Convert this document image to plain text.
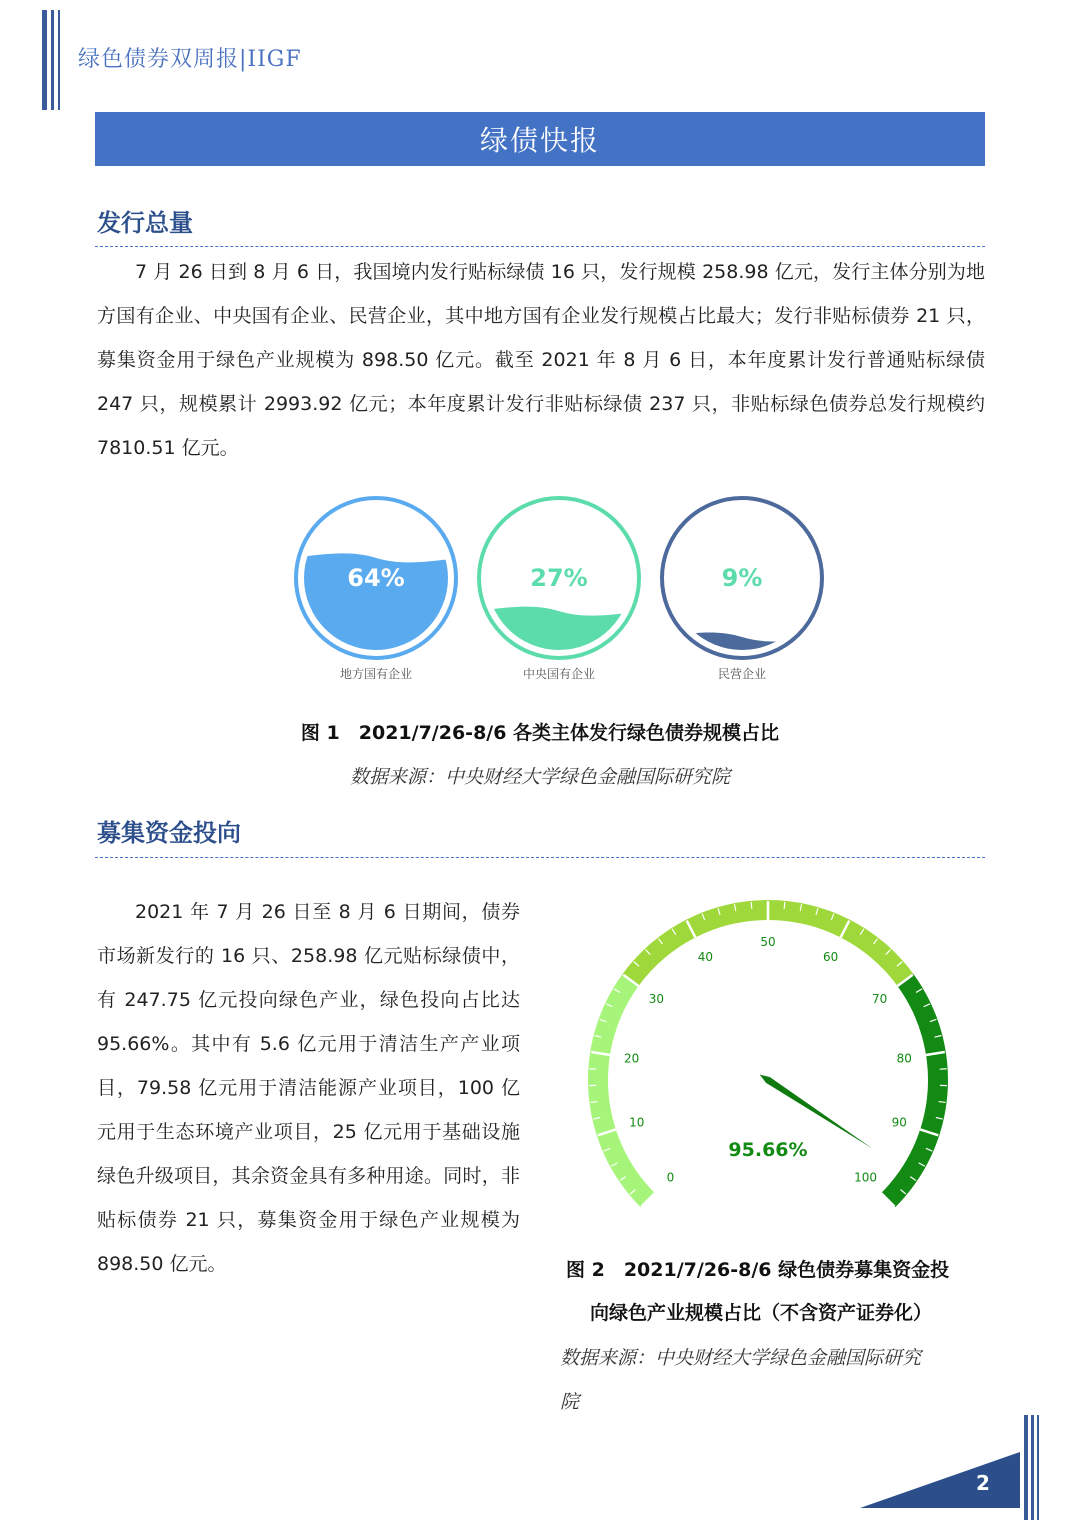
绿色债券双周报|IIGF
绿债快报
发行总量
7 月 26 日到 8 月 6 日，我国境内发行贴标绿债 16 只，发行规模 258.98 亿元，发行主体分别为地方国有企业、中央国有企业、民营企业，其中地方国有企业发行规模占比最大；发行非贴标债券 21 只，募集资金用于绿色产业规模为 898.50 亿元。截至 2021 年 8 月 6 日，本年度累计发行普通贴标绿债 247 只，规模累计 2993.92 亿元；本年度累计发行非贴标绿债 237 只，非贴标绿色债券总发行规模约 7810.51 亿元。
64%
地方国有企业
27%
中央国有企业
9%
民营企业
图 1　2021/7/26-8/6 各类主体发行绿色债券规模占比
数据来源：中央财经大学绿色金融国际研究院
募集资金投向
2021 年 7 月 26 日至 8 月 6 日期间，债券市场新发行的 16 只、258.98 亿元贴标绿债中，有 247.75 亿元投向绿色产业，绿色投向占比达 95.66%。其中有 5.6 亿元用于清洁生产产业项目，79.58 亿元用于清洁能源产业项目，100 亿元用于生态环境产业项目，25 亿元用于基础设施绿色升级项目，其余资金具有多种用途。同时，非贴标债券 21 只，募集资金用于绿色产业规模为 898.50 亿元。
0
10
20
30
40
50
60
70
80
90
100
95.66%
图 2　2021/7/26-8/6 绿色债券募集资金投
向绿色产业规模占比（不含资产证券化）
数据来源：中央财经大学绿色金融国际研究
院
2
